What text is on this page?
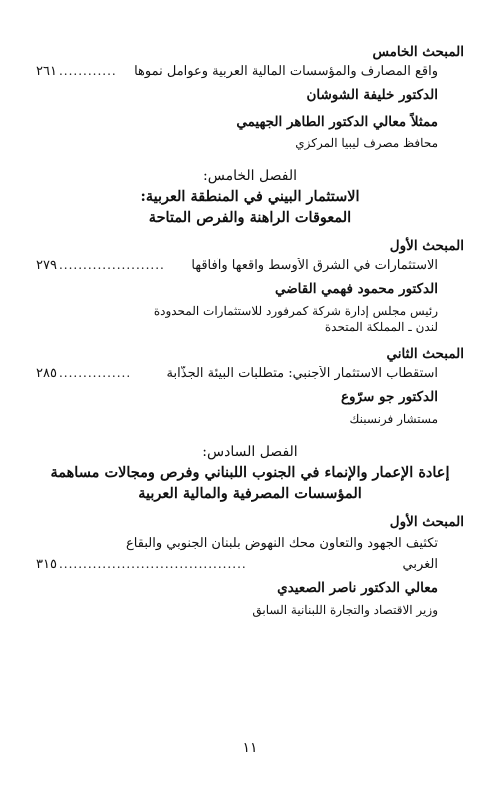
المبحث الخامس
واقع المصارف والمؤسسات المالية العربية وعوامل نموها
............
٢٦١
الدكتور خليفة الشوشان
ممثلاً معالي الدكتور الطاهر الجهيمي
محافظ مصرف ليبيا المركزي
الفصل الخامس:
الاستثمار البيني في المنطقة العربية:
المعوقات الراهنة والفرص المتاحة
المبحث الأول
الاستثمارات في الشرق الأوسط واقعها وآفاقها
......................
٢٧٩
الدكتور محمود فهمي القاضي
رئيس مجلس إدارة شركة كمرفورد للاستثمارات المحدودة
لندن ـ المملكة المتحدة
المبحث الثاني
استقطاب الاستثمار الأجنبي: متطلبات البيئة الجذَّابة
...............
٢٨٥
الدكتور جو سرّوع
مستشار فرنسبنك
الفصل السادس:
إعادة الإعمار والإنماء في الجنوب اللبناني وفرص ومجالات مساهمة
المؤسسات المصرفية والمالية العربية
المبحث الأول
تكثيف الجهود والتعاون محك النهوض بلبنان الجنوبي والبقاع
الغربي
.......................................
٣١٥
معالي الدكتور ناصر الصعيدي
وزير الاقتصاد والتجارة اللبنانية السابق
١١
